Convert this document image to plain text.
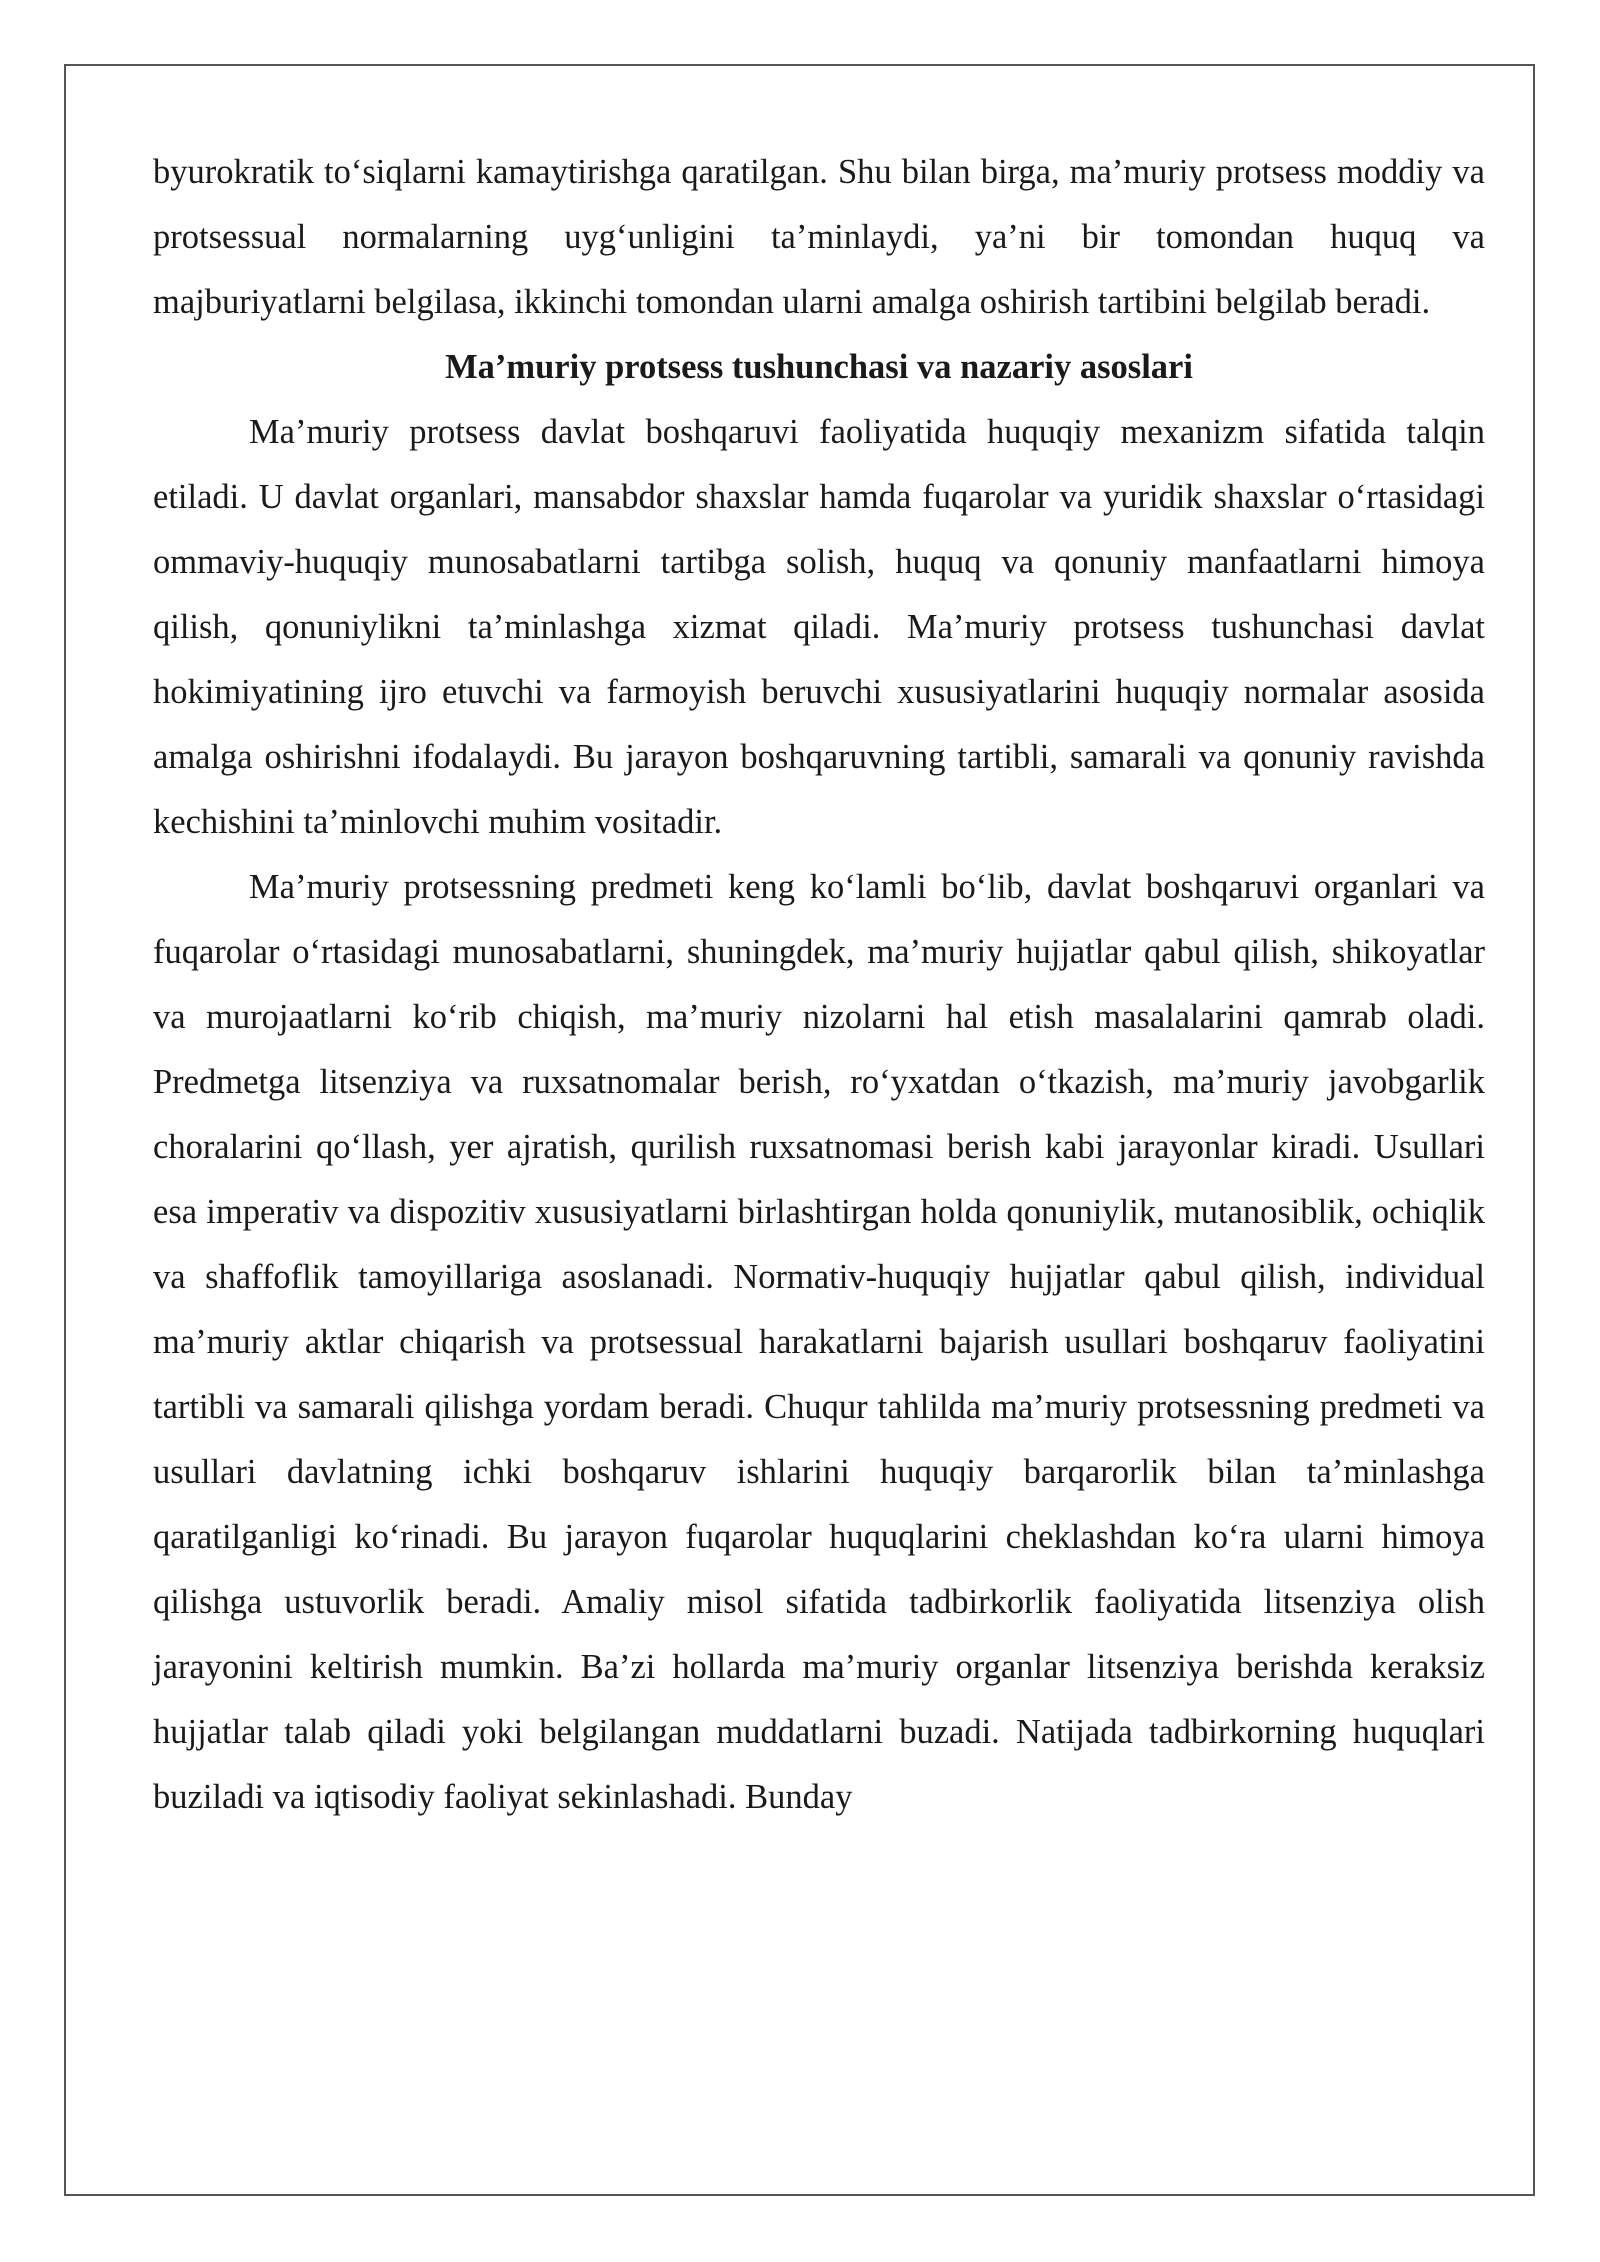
byurokratik to‘siqlarni kamaytirishga qaratilgan. Shu bilan birga, ma’muriy protsess moddiy va protsessual normalarning uyg‘unligini ta’minlaydi, ya’ni bir tomondan huquq va majburiyatlarni belgilasa, ikkinchi tomondan ularni amalga oshirish tartibini belgilab beradi.

Ma’muriy protsess tushunchasi va nazariy asoslari

Ma’muriy protsess davlat boshqaruvi faoliyatida huquqiy mexanizm sifatida talqin etiladi. U davlat organlari, mansabdor shaxslar hamda fuqarolar va yuridik shaxslar o‘rtasidagi ommaviy-huquqiy munosabatlarni tartibga solish, huquq va qonuniy manfaatlarni himoya qilish, qonuniylikni ta’minlashga xizmat qiladi. Ma’muriy protsess tushunchasi davlat hokimiyatining ijro etuvchi va farmoyish beruvchi xususiyatlarini huquqiy normalar asosida amalga oshirishni ifodalaydi. Bu jarayon boshqaruvning tartibli, samarali va qonuniy ravishda kechishini ta’minlovchi muhim vositadir.

Ma’muriy protsessning predmeti keng ko‘lamli bo‘lib, davlat boshqaruvi organlari va fuqarolar o‘rtasidagi munosabatlarni, shuningdek, ma’muriy hujjatlar qabul qilish, shikoyatlar va murojaatlarni ko‘rib chiqish, ma’muriy nizolarni hal etish masalalarini qamrab oladi. Predmetga litsenziya va ruxsatnomalar berish, ro‘yxatdan o‘tkazish, ma’muriy javobgarlik choralarini qo‘llash, yer ajratish, qurilish ruxsatnomasi berish kabi jarayonlar kiradi. Usullari esa imperativ va dispozitiv xususiyatlarni birlashtirgan holda qonuniylik, mutanosiblik, ochiqlik va shaffoflik tamoyillariga asoslanadi. Normativ-huquqiy hujjatlar qabul qilish, individual ma’muriy aktlar chiqarish va protsessual harakatlarni bajarish usullari boshqaruv faoliyatini tartibli va samarali qilishga yordam beradi. Chuqur tahlilda ma’muriy protsessning predmeti va usullari davlatning ichki boshqaruv ishlarini huquqiy barqarorlik bilan ta’minlashga qaratilganligi ko‘rinadi. Bu jarayon fuqarolar huquqlarini cheklashdan ko‘ra ularni himoya qilishga ustuvorlik beradi. Amaliy misol sifatida tadbirkorlik faoliyatida litsenziya olish jarayonini keltirish mumkin. Ba’zi hollarda ma’muriy organlar litsenziya berishda keraksiz hujjatlar talab qiladi yoki belgilangan muddatlarni buzadi. Natijada tadbirkorning huquqlari buziladi va iqtisodiy faoliyat sekinlashadi. Bunday
